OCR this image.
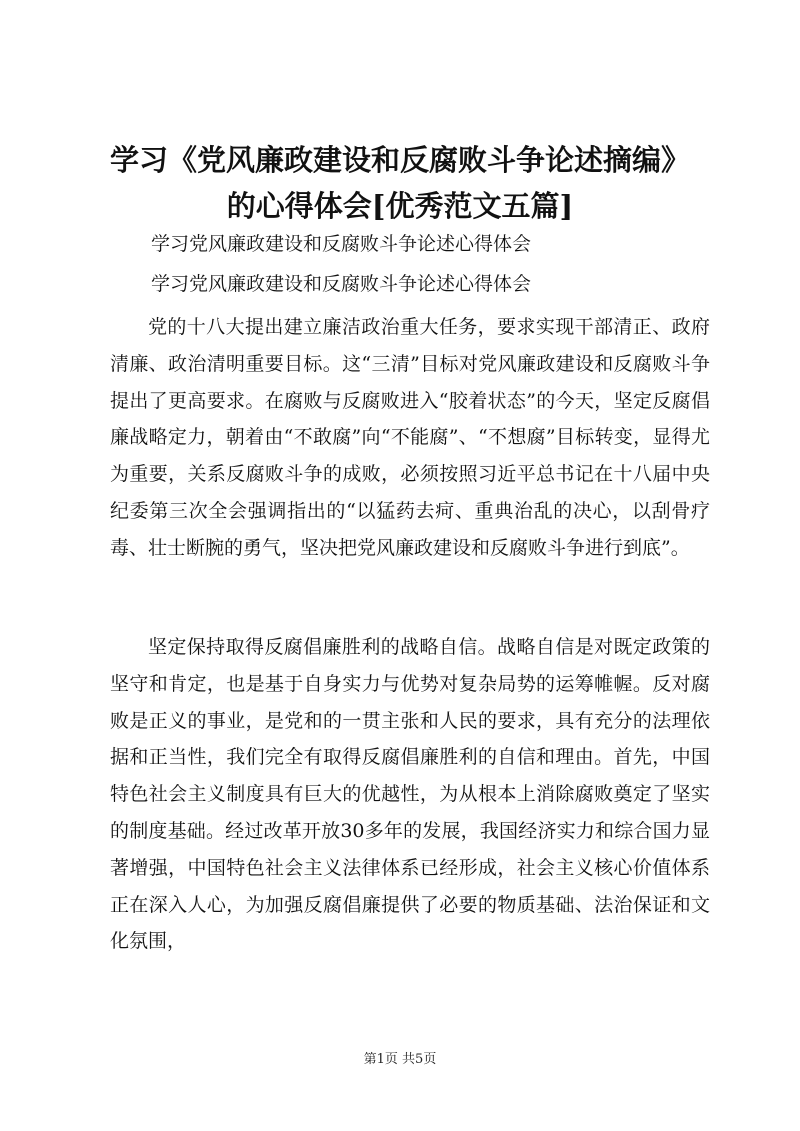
学习《党风廉政建设和反腐败斗争论述摘编》
的心得体会[优秀范文五篇]
学习党风廉政建设和反腐败斗争论述心得体会
学习党风廉政建设和反腐败斗争论述心得体会

党的十八大提出建立廉洁政治重大任务，要求实现干部清正、政府清廉、政治清明重要目标。这“三清”目标对党风廉政建设和反腐败斗争提出了更高要求。在腐败与反腐败进入“胶着状态”的今天，坚定反腐倡廉战略定力，朝着由“不敢腐”向“不能腐”、“不想腐”目标转变，显得尤为重要，关系反腐败斗争的成败，必须按照习近平总书记在十八届中央纪委第三次全会强调指出的“以猛药去疴、重典治乱的决心，以刮骨疗毒、壮士断腕的勇气，坚决把党风廉政建设和反腐败斗争进行到底”。

坚定保持取得反腐倡廉胜利的战略自信。战略自信是对既定政策的坚守和肯定，也是基于自身实力与优势对复杂局势的运筹帷幄。反对腐败是正义的事业，是党和的一贯主张和人民的要求，具有充分的法理依据和正当性，我们完全有取得反腐倡廉胜利的自信和理由。首先，中国特色社会主义制度具有巨大的优越性，为从根本上消除腐败奠定了坚实的制度基础。经过改革开放30多年的发展，我国经济实力和综合国力显著增强，中国特色社会主义法律体系已经形成，社会主义核心价值体系正在深入人心，为加强反腐倡廉提供了必要的物质基础、法治保证和文化氛围，

第1页 共5页
